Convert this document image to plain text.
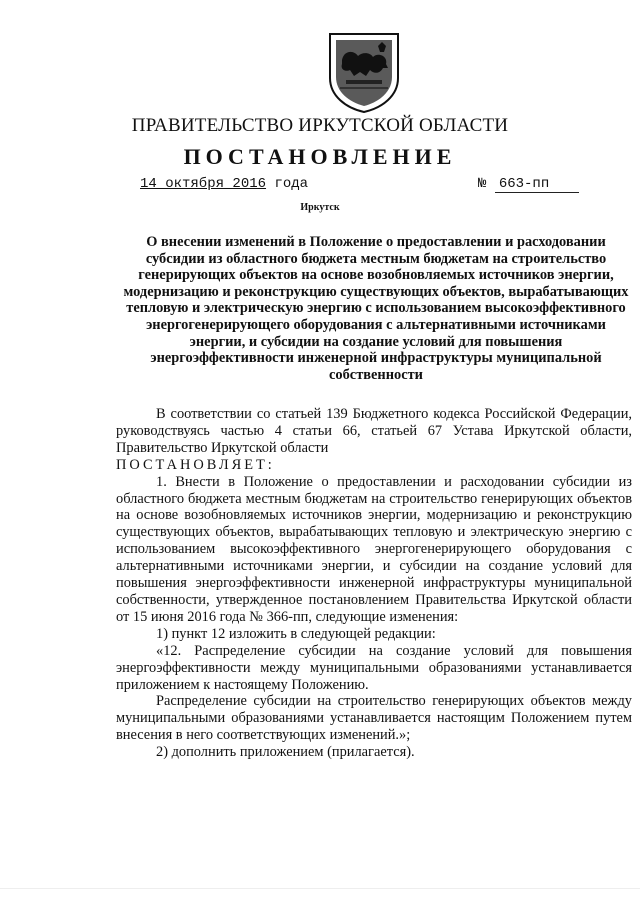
ПРАВИТЕЛЬСТВО ИРКУТСКОЙ ОБЛАСТИ
ПОСТАНОВЛЕНИЕ
14 октября 2016 года	№ 663-пп
Иркутск
О внесении изменений в Положение о предоставлении и расходовании субсидии из областного бюджета местным бюджетам на строительство генерирующих объектов на основе возобновляемых источников энергии, модернизацию и реконструкцию существующих объектов, вырабатывающих тепловую и электрическую энергию с использованием высокоэффективного энергогенерирующего оборудования с альтернативными источниками энергии, и субсидии на создание условий для повышения энергоэффективности инженерной инфраструктуры муниципальной собственности

В соответствии со статьей 139 Бюджетного кодекса Российской Федерации, руководствуясь частью 4 статьи 66, статьей 67 Устава Иркутской области, Правительство Иркутской области

ПОСТАНОВЛЯЕТ:

1. Внести в Положение о предоставлении и расходовании субсидии из областного бюджета местным бюджетам на строительство генерирующих объектов на основе возобновляемых источников энергии, модернизацию и реконструкцию существующих объектов, вырабатывающих тепловую и электрическую энергию с использованием высокоэффективного энергогенерирующего оборудования с альтернативными источниками энергии, и субсидии на создание условий для повышения энергоэффективности инженерной инфраструктуры муниципальной собственности, утвержденное постановлением Правительства Иркутской области от 15 июня 2016 года № 366-пп, следующие изменения:

1) пункт 12 изложить в следующей редакции:

«12. Распределение субсидии на создание условий для повышения энергоэффективности между муниципальными образованиями устанавливается приложением к настоящему Положению.

Распределение субсидии на строительство генерирующих объектов между муниципальными образованиями устанавливается настоящим Положением путем внесения в него соответствующих изменений.»;

2) дополнить приложением (прилагается).
